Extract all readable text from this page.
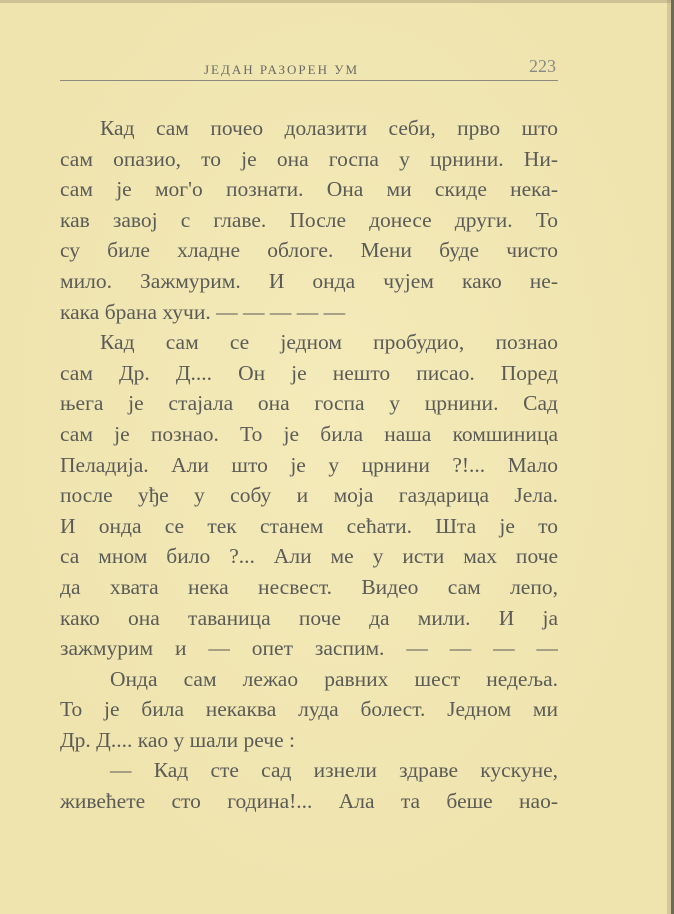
ЈЕДАН РАЗОРЕН УМ	223
Кад сам почео долазити себи, прво што
сам опазио, то је она госпа у црнини. Ни-
сам је мог'о познати. Она ми скиде нека-
кав завој с главе. После донесе други. То
су биле хладне облоге. Мени буде чисто
мило. Зажмурим. И онда чујем како не-
кака брана хучи. — — — — —
Кад сам се једном пробудио, познао
сам Др. Д.... Он је нешто писао. Поред
њега је стајала она госпа у црнини. Сад
сам је познао. То је била наша комшиница
Пеладија. Али што је у црнини ?!... Мало
после уђе у собу и моја газдарица Јела.
И онда се тек станем сећати. Шта је то
са мном било ?... Али ме у исти мах поче
да хвата нека несвест. Видео сам лепо,
како она таваница поче да мили. И ја
зажмурим и — опет заспим. — — — —
Онда сам лежао равних шест недеља.
То је била некаква луда болест. Једном ми
Др. Д.... као у шали рече :
— Кад сте сад изнели здраве кускуне,
живећете сто година!... Ала та беше нао-
